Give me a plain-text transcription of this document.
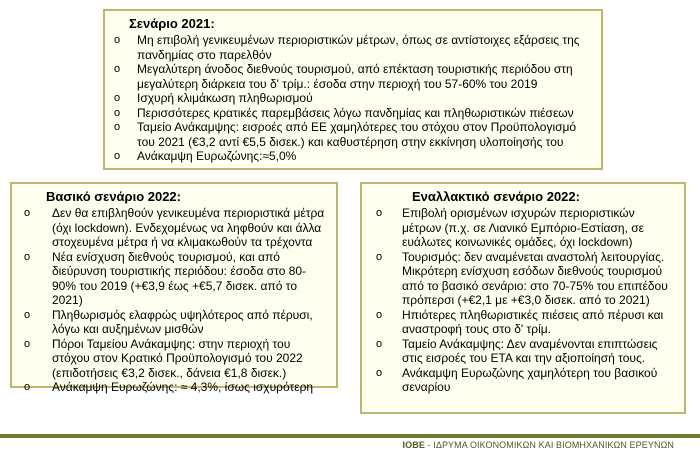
Σενάριο 2021:
o Μη επιβολή γενικευμένων περιοριστικών μέτρων, όπως σε αντίστοιχες εξάρσεις της πανδημίας στο παρελθόν
o Μεγαλύτερη άνοδος διεθνούς τουρισμού, από επέκταση τουριστικής περιόδου στη μεγαλύτερη διάρκεια του δ' τρίμ.: έσοδα στην περιοχή του 57-60% του 2019
o Ισχυρή κλιμάκωση πληθωρισμού
o Περισσότερες κρατικές παρεμβάσεις λόγω πανδημίας και πληθωριστικών πιέσεων
o Ταμείο Ανάκαμψης: εισροές από ΕΕ χαμηλότερες του στόχου στον Προϋπολογισμό του 2021 (€3,2 αντί €5,5 δισεκ.) και καθυστέρηση στην εκκίνηση υλοποίησής του
o Ανάκαμψη Ευρωζώνης:≈5,0%
Βασικό σενάριο 2022:
o Δεν θα επιβληθούν γενικευμένα περιοριστικά μέτρα (όχι lockdown). Ενδεχομένως να ληφθούν και άλλα στοχευμένα μέτρα ή να κλιμακωθούν τα τρέχοντα
o Νέα ενίσχυση διεθνούς τουρισμού, και από διεύρυνση τουριστικής περιόδου: έσοδα στο 80-90% του 2019 (+€3,9 έως +€5,7 δισεκ. από το 2021)
o Πληθωρισμός ελαφρώς υψηλότερος από πέρυσι, λόγω και αυξημένων μισθών
o Πόροι Ταμείου Ανάκαμψης: στην περιοχή του στόχου στον Κρατικό Προϋπολογισμό του 2022 (επιδοτήσεις €3,2 δισεκ., δάνεια €1,8 δισεκ.)
o Ανάκαμψη Ευρωζώνης: ≈ 4,3%, ίσως ισχυρότερη
Εναλλακτικό σενάριο 2022:
o Επιβολή ορισμένων ισχυρών περιοριστικών μέτρων (π.χ. σε Λιανικό Εμπόριο-Εστίαση, σε ευάλωτες κοινωνικές ομάδες, όχι lockdown)
o Τουρισμός: δεν αναμένεται αναστολή λειτουργίας. Μικρότερη ενίσχυση εσόδων διεθνούς τουρισμού από το βασικό σενάριο: στο 70-75% του επιπέδου πρόπερσι (+€2,1 με +€3,0 δισεκ. από το 2021)
o Ηπιότερες πληθωριστικές πιέσεις από πέρυσι και αναστροφή τους στο δ' τρίμ.
o Ταμείο Ανάκαμψης: Δεν αναμένονται επιπτώσεις στις εισροές του ΕΤΑ και την αξιοποίησή τους.
o Ανάκαμψη Ευρωζώνης χαμηλότερη του βασικού σεναρίου
ΙΟΒΕ - ΙΔΡΥΜΑ ΟΙΚΟΝΟΜΙΚΩΝ ΚΑΙ ΒΙΟΜΗΧΑΝΙΚΩΝ ΕΡΕΥΝΩΝ
